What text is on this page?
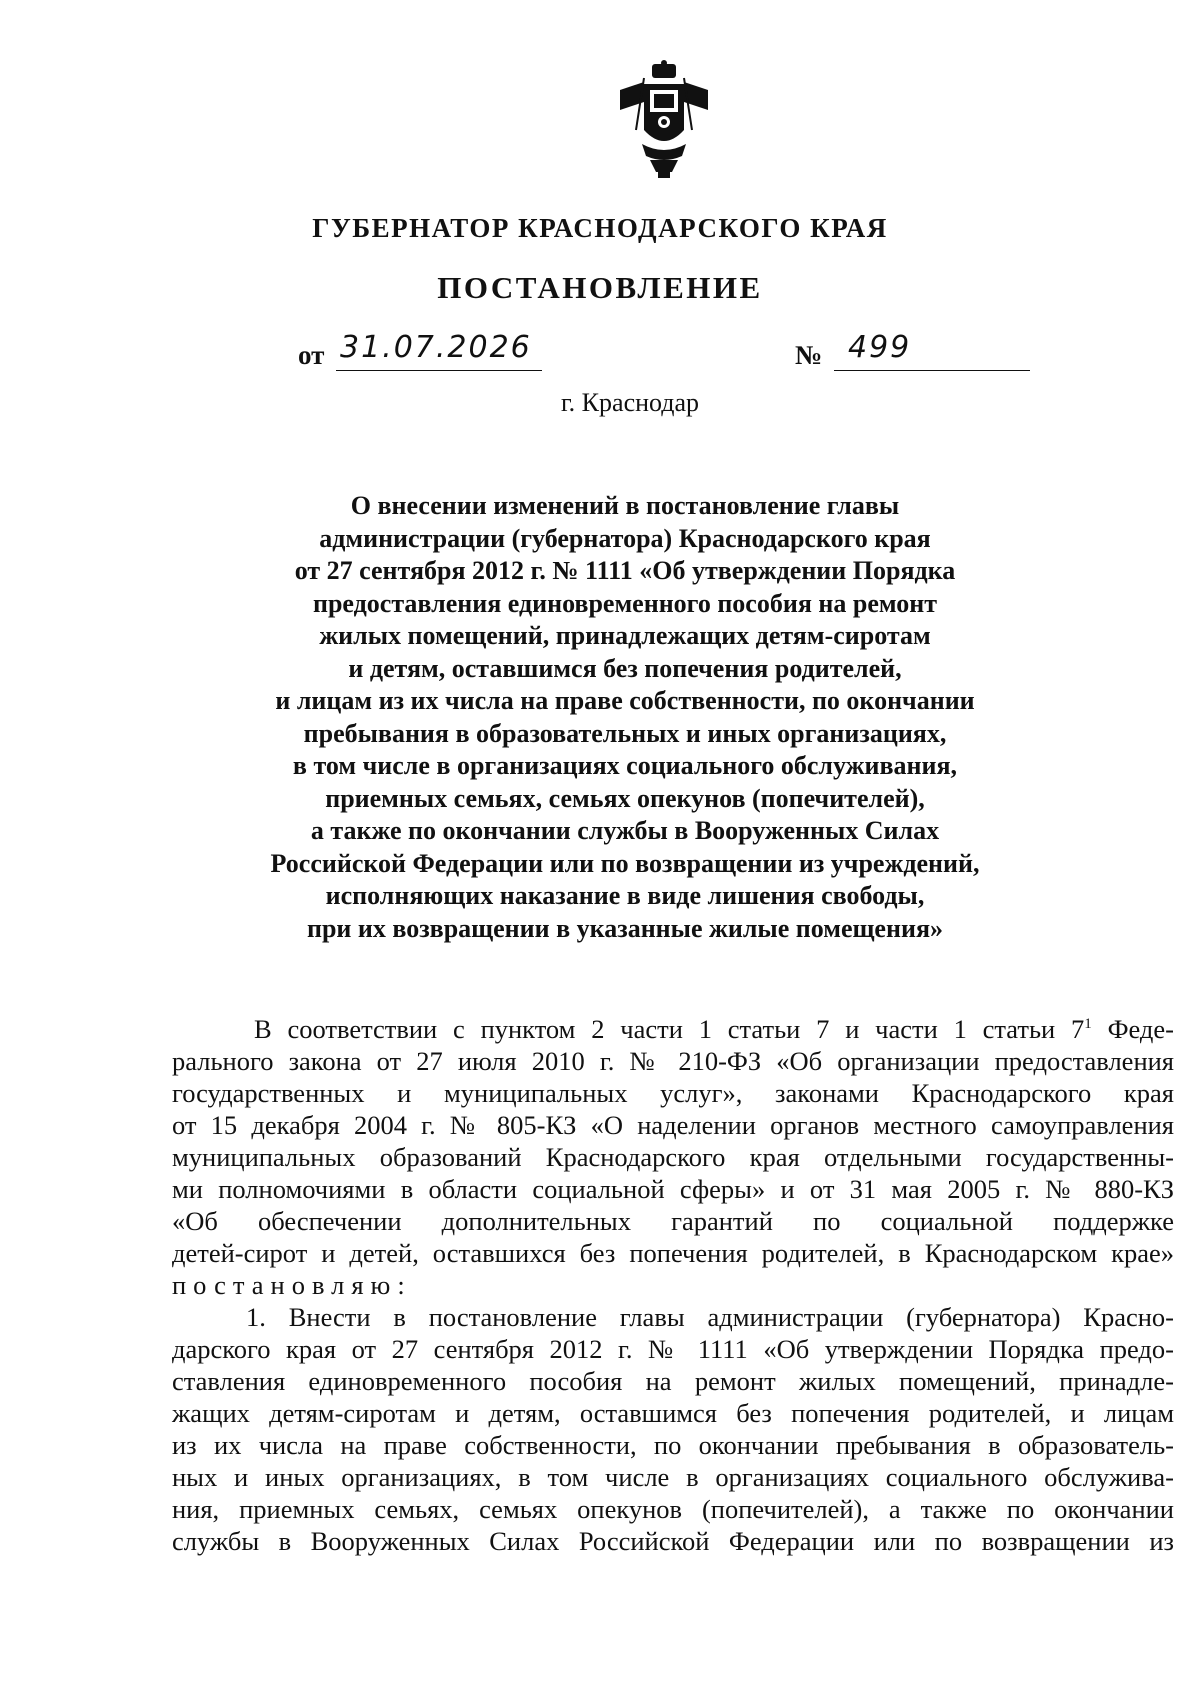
ГУБЕРНАТОР КРАСНОДАРСКОГО КРАЯ
ПОСТАНОВЛЕНИЕ
от 31.07.2026	№ 499
г. Краснодар
О внесении изменений в постановление главы
администрации (губернатора) Краснодарского края
от 27 сентября 2012 г. № 1111 «Об утверждении Порядка
предоставления единовременного пособия на ремонт
жилых помещений, принадлежащих детям-сиротам
и детям, оставшимся без попечения родителей,
и лицам из их числа на праве собственности, по окончании
пребывания в образовательных и иных организациях,
в том числе в организациях социального обслуживания,
приемных семьях, семьях опекунов (попечителей),
а также по окончании службы в Вооруженных Силах
Российской Федерации или по возвращении из учреждений,
исполняющих наказание в виде лишения свободы,
при их возвращении в указанные жилые помещения»
В соответствии с пунктом 2 части 1 статьи 7 и части 1 статьи $7^1$ Феде-
рального закона от 27 июля 2010 г. № 210-ФЗ «Об организации предоставления
государственных и муниципальных услуг», законами Краснодарского края
от 15 декабря 2004 г. № 805-КЗ «О наделении органов местного самоуправления
муниципальных образований Краснодарского края отдельными государственны-
ми полномочиями в области социальной сферы» и от 31 мая 2005 г. № 880-КЗ
«Об обеспечении дополнительных гарантий по социальной поддержке
детей-сирот и детей, оставшихся без попечения родителей, в Краснодарском крае»
постановляю:
1. Внести в постановление главы администрации (губернатора) Красно-
дарского края от 27 сентября 2012 г. № 1111 «Об утверждении Порядка предо-
ставления единовременного пособия на ремонт жилых помещений, принадле-
жащих детям-сиротам и детям, оставшимся без попечения родителей, и лицам
из их числа на праве собственности, по окончании пребывания в образователь-
ных и иных организациях, в том числе в организациях социального обслужива-
ния, приемных семьях, семьях опекунов (попечителей), а также по окончании
службы в Вооруженных Силах Российской Федерации или по возвращении из
